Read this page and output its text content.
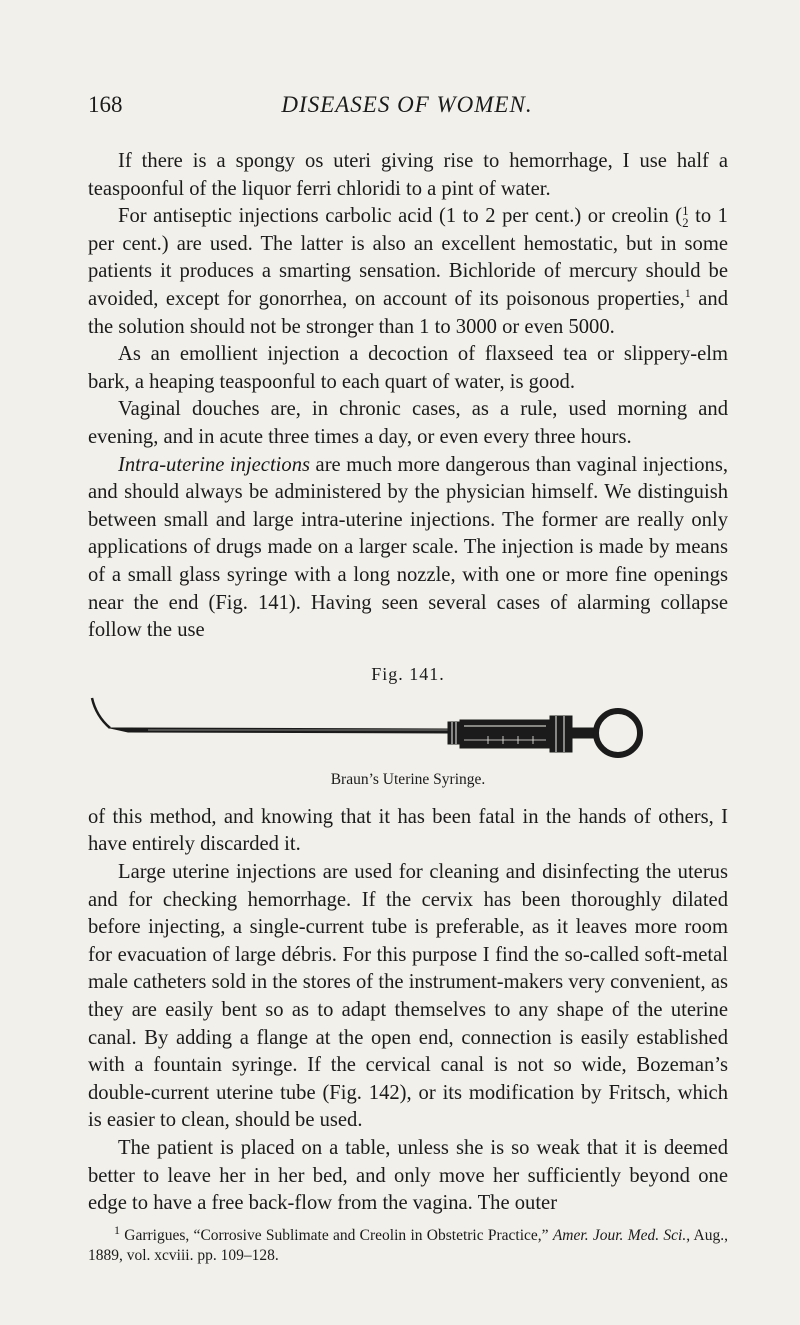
168	DISEASES OF WOMEN.

If there is a spongy os uteri giving rise to hemorrhage, I use half a teaspoonful of the liquor ferri chloridi to a pint of water.

For antiseptic injections carbolic acid (1 to 2 per cent.) or creolin (1
2 to 1 per cent.) are used. The latter is also an excellent hemostatic, but in some patients it produces a smarting sensation. Bichloride of mercury should be avoided, except for gonorrhea, on account of its poisonous properties,$^1$ and the solution should not be stronger than 1 to 3000 or even 5000.

As an emollient injection a decoction of flaxseed tea or slippery-elm bark, a heaping teaspoonful to each quart of water, is good.

Vaginal douches are, in chronic cases, as a rule, used morning and evening, and in acute three times a day, or even every three hours.

Intra-uterine injections are much more dangerous than vaginal injections, and should always be administered by the physician himself. We distinguish between small and large intra-uterine injections. The former are really only applications of drugs made on a larger scale. The injection is made by means of a small glass syringe with a long nozzle, with one or more fine openings near the end (Fig. 141). Having seen several cases of alarming collapse follow the use

Fig. 141.
Braun’s Uterine Syringe.

of this method, and knowing that it has been fatal in the hands of others, I have entirely discarded it.

Large uterine injections are used for cleaning and disinfecting the uterus and for checking hemorrhage. If the cervix has been thoroughly dilated before injecting, a single-current tube is preferable, as it leaves more room for evacuation of large débris. For this purpose I find the so-called soft-metal male catheters sold in the stores of the instrument-makers very convenient, as they are easily bent so as to adapt themselves to any shape of the uterine canal. By adding a flange at the open end, connection is easily established with a fountain syringe. If the cervical canal is not so wide, Bozeman’s double-current uterine tube (Fig. 142), or its modification by Fritsch, which is easier to clean, should be used.

The patient is placed on a table, unless she is so weak that it is deemed better to leave her in her bed, and only move her sufficiently beyond one edge to have a free back-flow from the vagina. The outer

$^1$ Garrigues, “Corrosive Sublimate and Creolin in Obstetric Practice,” Amer. Jour. Med. Sci., Aug., 1889, vol. xcviii. pp. 109–128.
